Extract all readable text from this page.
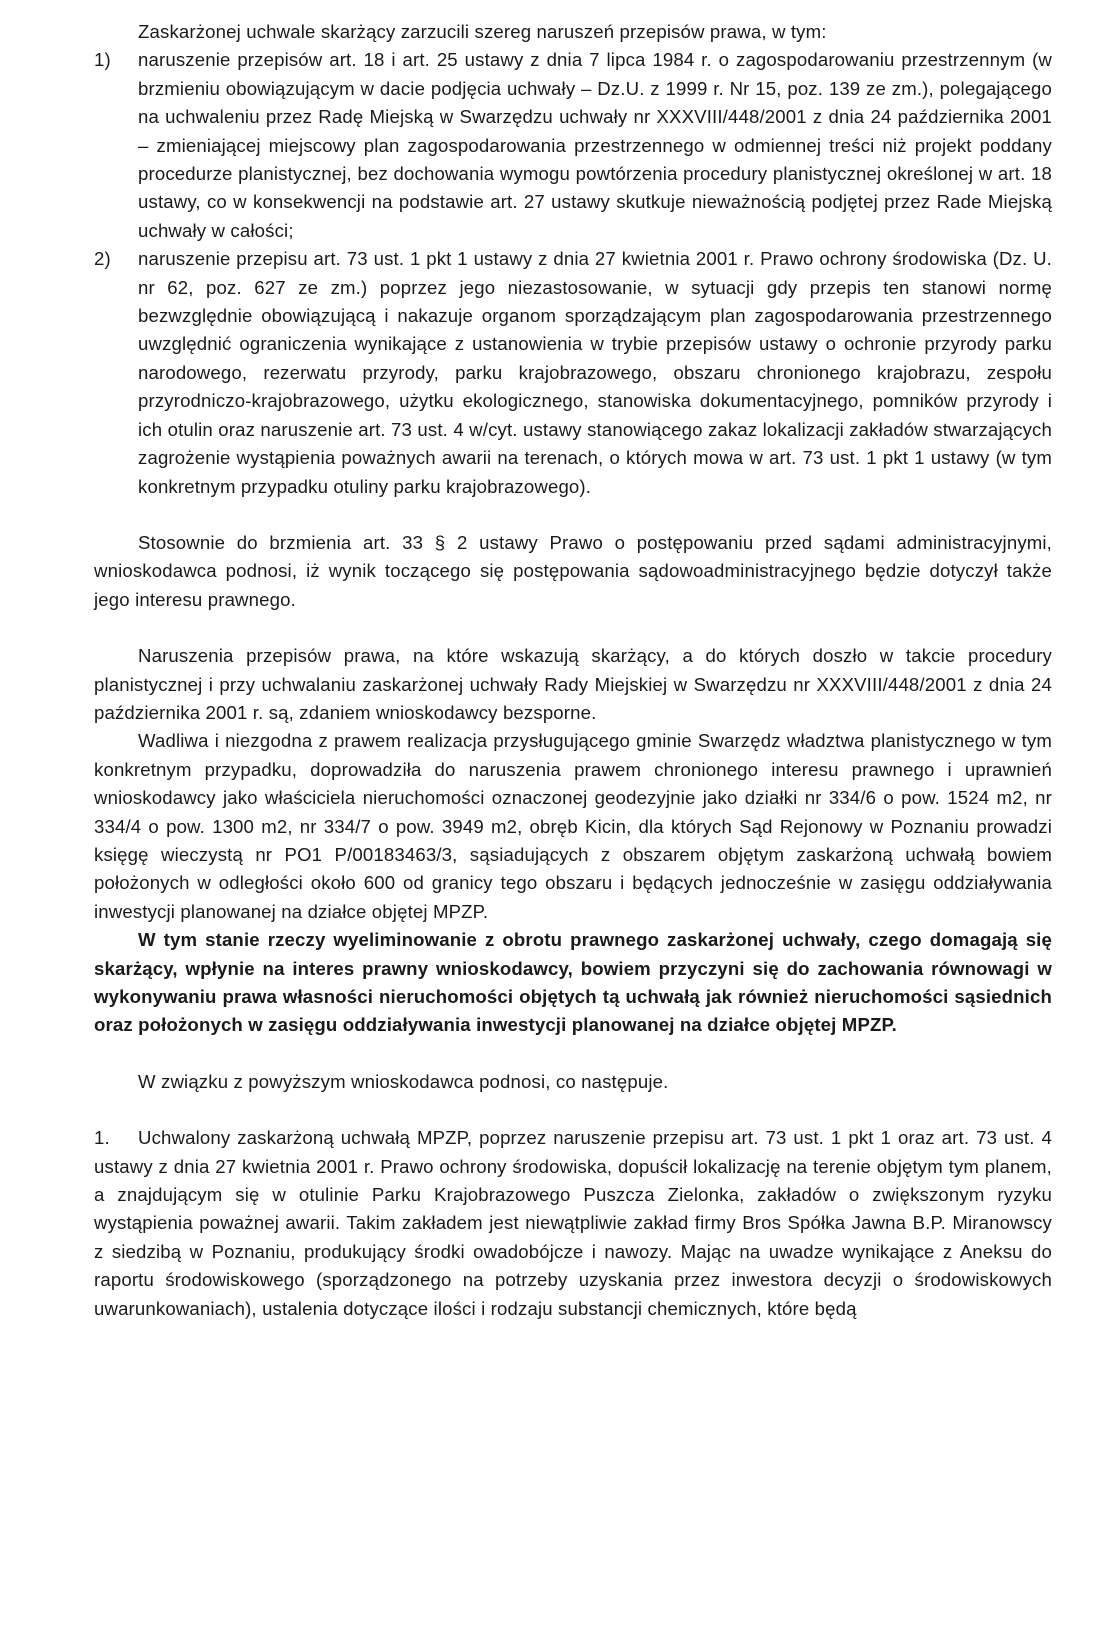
Zaskarżonej uchwale skarżący zarzucili szereg naruszeń przepisów prawa, w tym:

1) naruszenie przepisów art. 18 i art. 25 ustawy z dnia 7 lipca 1984 r. o zagospodarowaniu przestrzennym (w brzmieniu obowiązującym w dacie podjęcia uchwały – Dz.U. z 1999 r. Nr 15, poz. 139 ze zm.), polegającego na uchwaleniu przez Radę Miejską w Swarzędzu uchwały nr XXXVIII/448/2001 z dnia 24 października 2001 – zmieniającej miejscowy plan zagospodarowania przestrzennego w odmiennej treści niż projekt poddany procedurze planistycznej, bez dochowania wymogu powtórzenia procedury planistycznej określonej w art. 18 ustawy, co w konsekwencji na podstawie art. 27 ustawy skutkuje nieważnością podjętej przez Rade Miejską uchwały w całości;
2) naruszenie przepisu art. 73 ust. 1 pkt 1 ustawy z dnia 27 kwietnia 2001 r. Prawo ochrony środowiska (Dz. U. nr 62, poz. 627 ze zm.) poprzez jego niezastosowanie, w sytuacji gdy przepis ten stanowi normę bezwzględnie obowiązującą i nakazuje organom sporządzającym plan zagospodarowania przestrzennego uwzględnić ograniczenia wynikające z ustanowienia w trybie przepisów ustawy o ochronie przyrody parku narodowego, rezerwatu przyrody, parku krajobrazowego, obszaru chronionego krajobrazu, zespołu przyrodniczo-krajobrazowego, użytku ekologicznego, stanowiska dokumentacyjnego, pomników przyrody i ich otulin oraz naruszenie art. 73 ust. 4 w/cyt. ustawy stanowiącego zakaz lokalizacji zakładów stwarzających zagrożenie wystąpienia poważnych awarii na terenach, o których mowa w art. 73 ust. 1 pkt 1 ustawy (w tym konkretnym przypadku otuliny parku krajobrazowego).

Stosownie do brzmienia art. 33 § 2 ustawy Prawo o postępowaniu przed sądami administracyjnymi, wnioskodawca podnosi, iż wynik toczącego się postępowania sądowoadministracyjnego będzie dotyczył także jego interesu prawnego.

Naruszenia przepisów prawa, na które wskazują skarżący, a do których doszło w takcie procedury planistycznej i przy uchwalaniu zaskarżonej uchwały Rady Miejskiej w Swarzędzu nr XXXVIII/448/2001 z dnia 24 października 2001 r. są, zdaniem wnioskodawcy bezsporne.

Wadliwa i niezgodna z prawem realizacja przysługującego gminie Swarzędz władztwa planistycznego w tym konkretnym przypadku, doprowadziła do naruszenia prawem chronionego interesu prawnego i uprawnień wnioskodawcy jako właściciela nieruchomości oznaczonej geodezyjnie jako działki nr 334/6 o pow. 1524 m2, nr 334/4 o pow. 1300 m2, nr 334/7 o pow. 3949 m2, obręb Kicin, dla których Sąd Rejonowy w Poznaniu prowadzi księgę wieczystą nr PO1 P/00183463/3, sąsiadujących z obszarem objętym zaskarżoną uchwałą bowiem położonych w odległości około 600 od granicy tego obszaru i będących jednocześnie w zasięgu oddziaływania inwestycji planowanej na działce objętej MPZP.

W tym stanie rzeczy wyeliminowanie z obrotu prawnego zaskarżonej uchwały, czego domagają się skarżący, wpłynie na interes prawny wnioskodawcy, bowiem przyczyni się do zachowania równowagi w wykonywaniu prawa własności nieruchomości objętych tą uchwałą jak również nieruchomości sąsiednich oraz położonych w zasięgu oddziaływania inwestycji planowanej na działce objętej MPZP.

W związku z powyższym wnioskodawca podnosi, co następuje.

1. Uchwalony zaskarżoną uchwałą MPZP, poprzez naruszenie przepisu art. 73 ust. 1 pkt 1 oraz art. 73 ust. 4 ustawy z dnia 27 kwietnia 2001 r. Prawo ochrony środowiska, dopuścił lokalizację na terenie objętym tym planem, a znajdującym się w otulinie Parku Krajobrazowego Puszcza Zielonka, zakładów o zwiększonym ryzyku wystąpienia poważnej awarii. Takim zakładem jest niewątpliwie zakład firmy Bros Spółka Jawna B.P. Miranowscy z siedzibą w Poznaniu, produkujący środki owadobójcze i nawozy. Mając na uwadze wynikające z Aneksu do raportu środowiskowego (sporządzonego na potrzeby uzyskania przez inwestora decyzji o środowiskowych uwarunkowaniach), ustalenia dotyczące ilości i rodzaju substancji chemicznych, które będą
